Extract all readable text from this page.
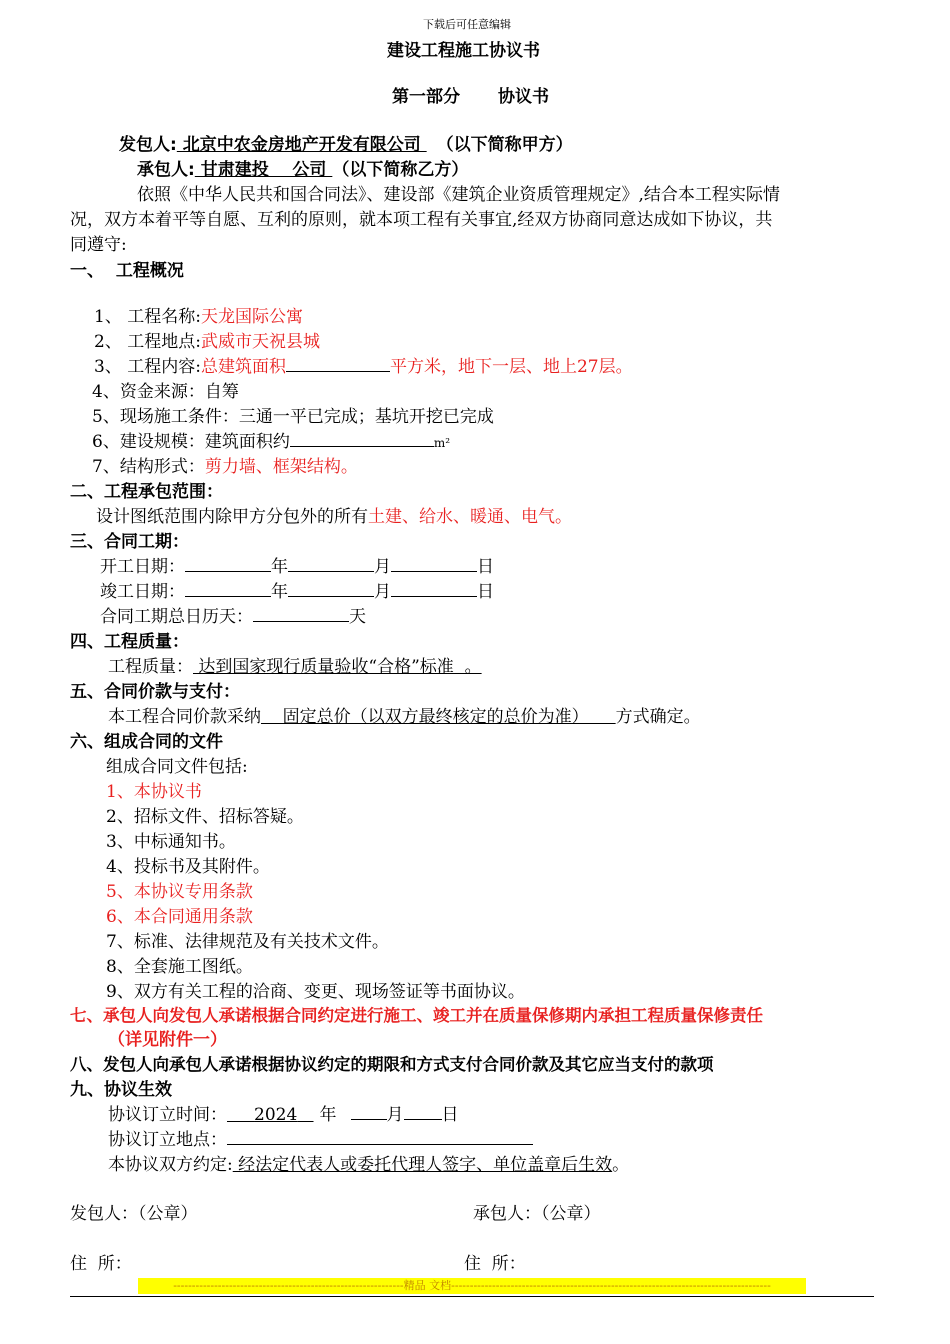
下载后可任意编辑
建设工程施工协议书
第一部分 协议书
发包人: 北京中农金房地产开发有限公司 （以下简称甲方）
承包人: 甘肃建投    公司 （以下简称乙方）
依照《中华人民共和国合同法》、建设部《建筑企业资质管理规定》,结合本工程实际情
况，双方本着平等自愿、互利的原则，就本项工程有关事宜,经双方协商同意达成如下协议，共
同遵守:
一、  工程概况
1、 工程名称:天龙国际公寓
2、 工程地点:武威市天祝县城
3、 工程内容:总建筑面积	平方米，地下一层、地上27层。
4、资金来源：自筹
5、现场施工条件：三通一平已完成；基坑开挖已完成
6、建设规模：建筑面积约	m²
7、结构形式：剪力墙、框架结构。
二、工程承包范围：
设计图纸范围内除甲方分包外的所有土建、给水、暖通、电气。
三、合同工期：
开工日期：	年	月	日
竣工日期：	年	月	日
合同工期总日历天：	天
四、工程质量：
工程质量： 达到国家现行质量验收“合格”标准  。
五、合同价款与支付：
本工程合同价款采纳    固定总价（以双方最终核定的总价为准）     方式确定。
六、组成合同的文件
组成合同文件包括:
1、本协议书
2、招标文件、招标答疑。
3、中标通知书。
4、投标书及其附件。
5、本协议专用条款
6、本合同通用条款
7、标准、法律规范及有关技术文件。
8、全套施工图纸。
9、双方有关工程的洽商、变更、现场签证等书面协议。
七、承包人向发包人承诺根据合同约定进行施工、竣工并在质量保修期内承担工程质量保修责任
（详见附件一）
八、发包人向承包人承诺根据协议约定的期限和方式支付合同价款及其它应当支付的款项
九、协议生效
协议订立时间： 2024 年	月 日
协议订立地点：
本协议双方约定: 经法定代表人或委托代理人签字、单位盖章后生效。
发包人：（公章）	承包人：（公章）
住  所：	住  所：
--------------------------------------------------------------精品 文档--------------------------------------------------------------------------------------
